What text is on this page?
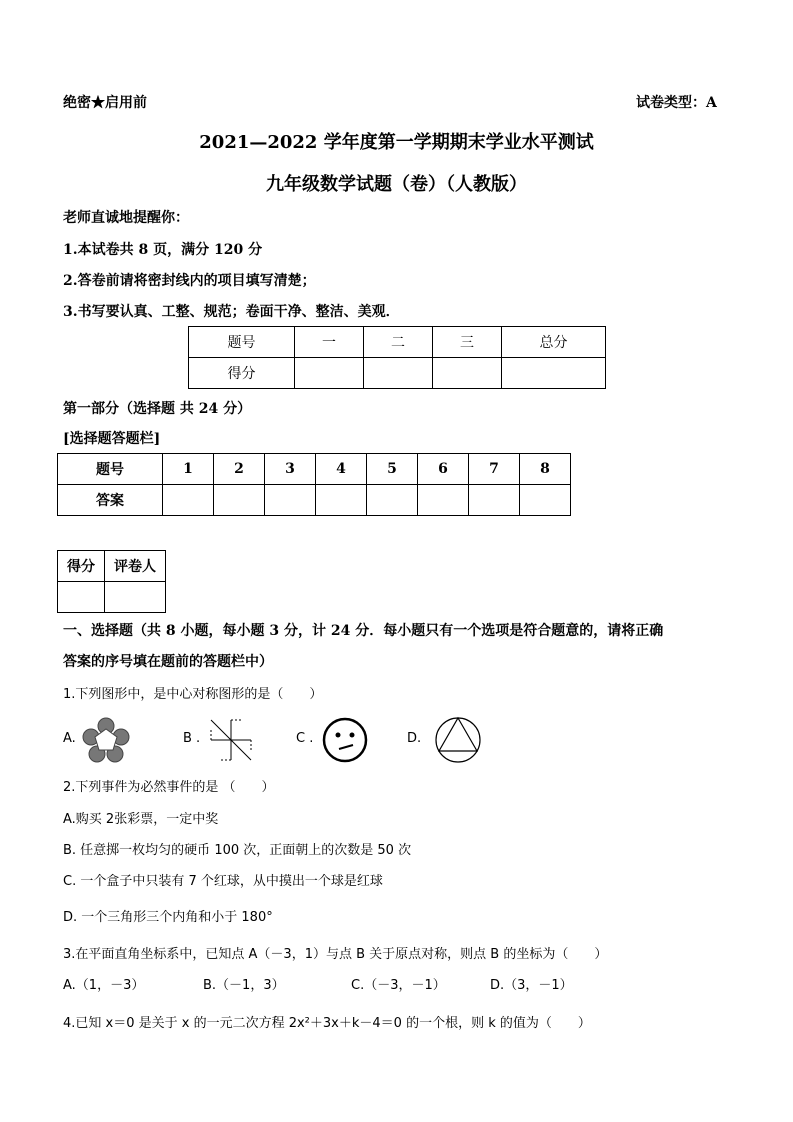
绝密★启用前	试卷类型：A
2021—2022 学年度第一学期期末学业水平测试
九年级数学试题（卷）（人教版）
老师直诚地提醒你：
1.本试卷共 8 页，满分 120 分
2.答卷前请将密封线内的项目填写清楚；
3.书写要认真、工整、规范；卷面干净、整洁、美观．
题号	一	二	三	总分
得分				
第一部分（选择题 共 24 分）
[选择题答题栏]
题号	1	2	3	4	5	6	7	8
答案								
得分	评卷人

一、选择题（共 8 小题，每小题 3 分，计 24 分．每小题只有一个选项是符合题意的，请将正确
答案的序号填在题前的答题栏中）
1.下列图形中，是中心对称图形的是（　　）
A.	B .	C .	D.
2.下列事件为必然事件的是 （　　）
A.购买 2张彩票，一定中奖
B. 任意掷一枚均匀的硬币 100 次，正面朝上的次数是 50 次
C. 一个盒子中只装有 7 个红球，从中摸出一个球是红球
D. 一个三角形三个内角和小于 180°
3.在平面直角坐标系中，已知点 A（－3，1）与点 B 关于原点对称，则点 B 的坐标为（　　）
A.（1，－3）	B.（－1，3）	C.（－3，－1）	D.（3，－1）
4.已知 x＝0 是关于 x 的一元二次方程 2x²＋3x＋k－4＝0 的一个根，则 k 的值为（　　）
